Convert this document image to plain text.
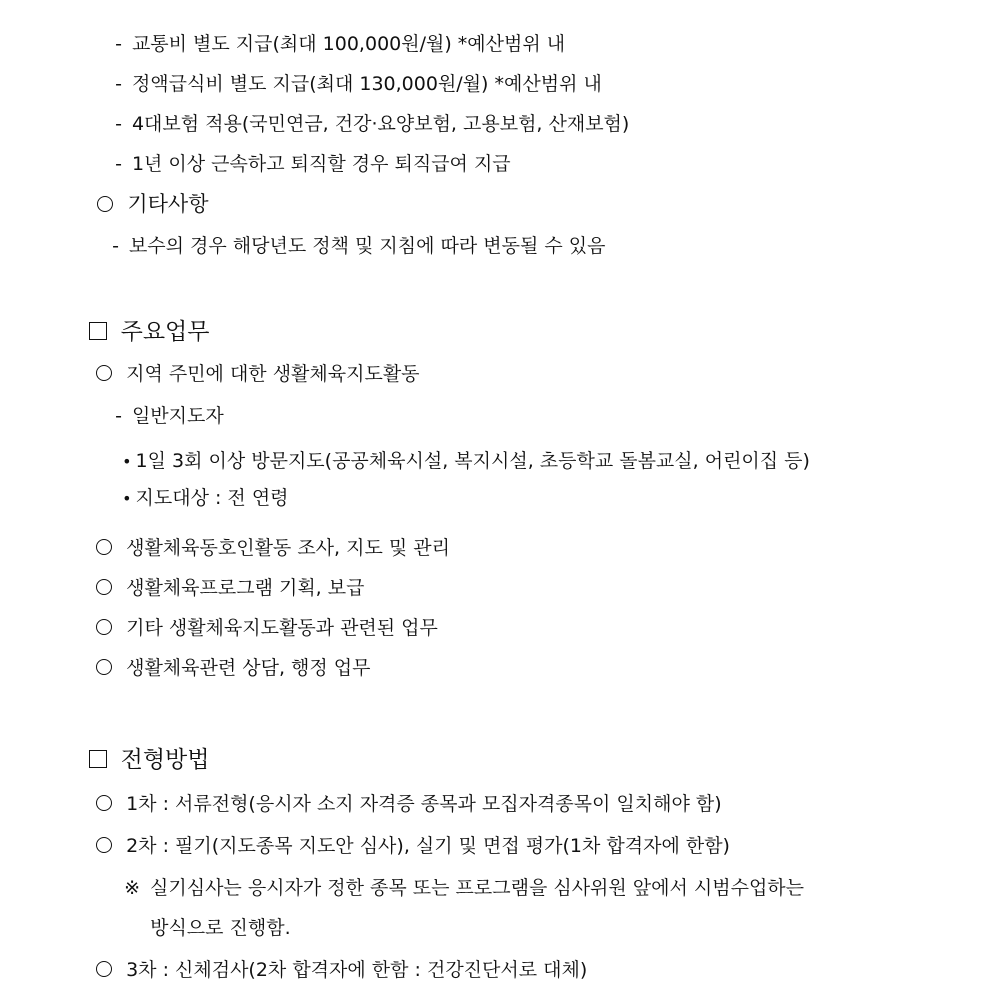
- 교통비 별도 지급(최대 100,000원/월) *예산범위 내

- 정액급식비 별도 지급(최대 130,000원/월) *예산범위 내

- 4대보험 적용(국민연금, 건강·요양보험, 고용보험, 산재보험)

- 1년 이상 근속하고 퇴직할 경우 퇴직급여 지급

기타사항

- 보수의 경우 해당년도 정책 및 지침에 따라 변동될 수 있음

주요업무

지역 주민에 대한 생활체육지도활동

- 일반지도자

• 1일 3회 이상 방문지도(공공체육시설, 복지시설, 초등학교 돌봄교실, 어린이집 등)

• 지도대상 : 전 연령

생활체육동호인활동 조사, 지도 및 관리

생활체육프로그램 기획, 보급

기타 생활체육지도활동과 관련된 업무

생활체육관련 상담, 행정 업무

전형방법

1차 : 서류전형(응시자 소지 자격증 종목과 모집자격종목이 일치해야 함)

2차 : 필기(지도종목 지도안 심사), 실기 및 면접 평가(1차 합격자에 한함)

※ 실기심사는 응시자가 정한 종목 또는 프로그램을 심사위원 앞에서 시범수업하는

방식으로 진행함.

3차 : 신체검사(2차 합격자에 한함 : 건강진단서로 대체)
